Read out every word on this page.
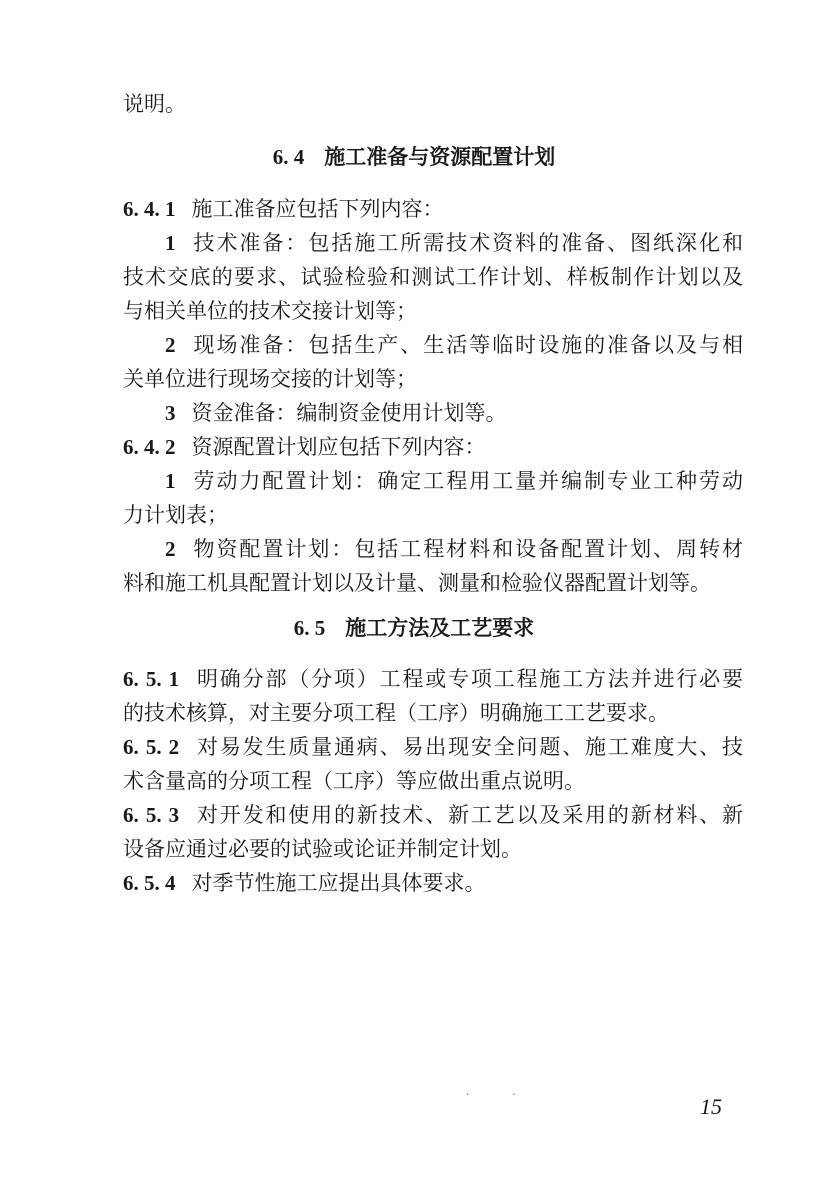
说明。
6. 4 施工准备与资源配置计划
6. 4. 1 施工准备应包括下列内容：
1 技术准备：包括施工所需技术资料的准备、图纸深化和
技术交底的要求、试验检验和测试工作计划、样板制作计划以及
与相关单位的技术交接计划等；
2 现场准备：包括生产、生活等临时设施的准备以及与相
关单位进行现场交接的计划等；
3 资金准备：编制资金使用计划等。
6. 4. 2 资源配置计划应包括下列内容：
1 劳动力配置计划：确定工程用工量并编制专业工种劳动
力计划表；
2 物资配置计划：包括工程材料和设备配置计划、周转材
料和施工机具配置计划以及计量、测量和检验仪器配置计划等。
6. 5 施工方法及工艺要求
6. 5. 1 明确分部（分项）工程或专项工程施工方法并进行必要
的技术核算，对主要分项工程（工序）明确施工工艺要求。
6. 5. 2 对易发生质量通病、易出现安全问题、施工难度大、技
术含量高的分项工程（工序）等应做出重点说明。
6. 5. 3 对开发和使用的新技术、新工艺以及采用的新材料、新
设备应通过必要的试验或论证并制定计划。
6. 5. 4 对季节性施工应提出具体要求。
· ·	15
